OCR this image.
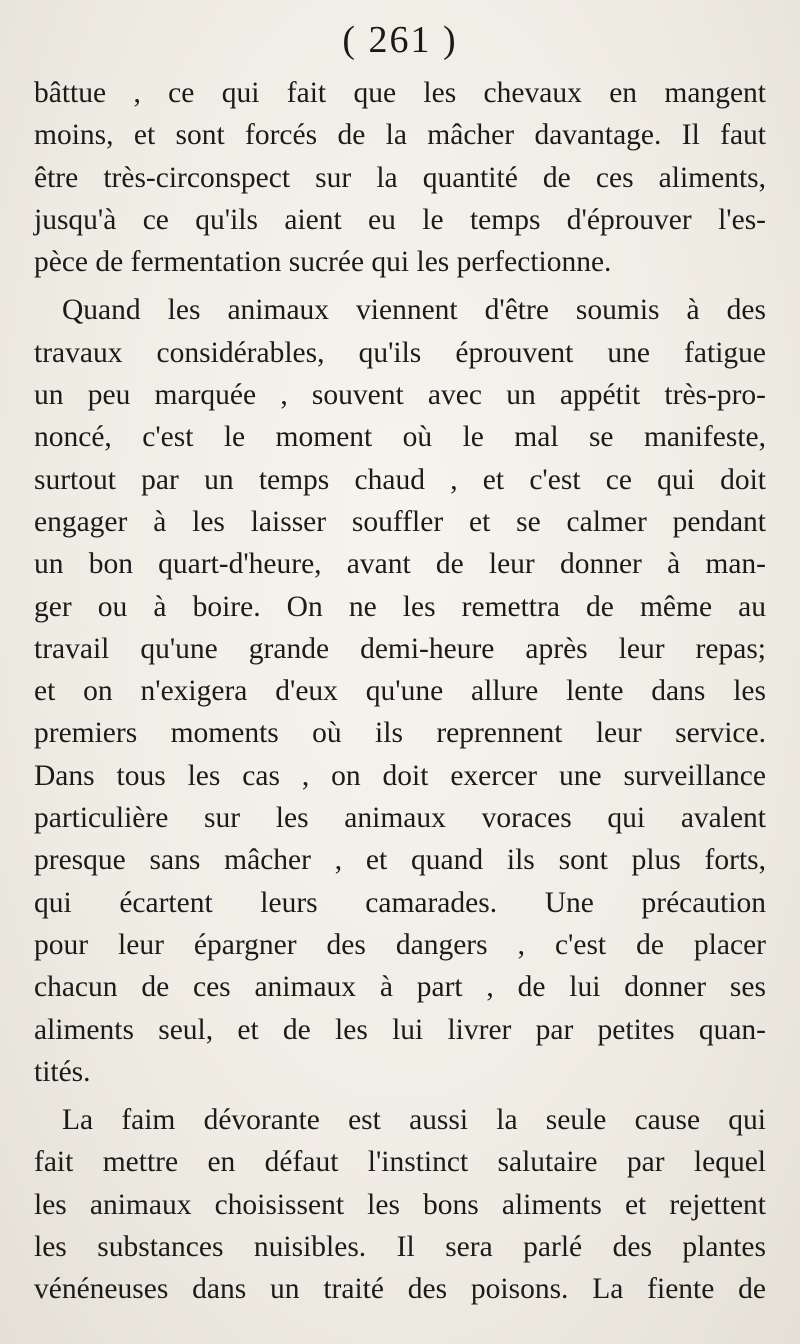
( 261 )
bâttue , ce qui fait que les chevaux en mangent
moins, et sont forcés de la mâcher davantage. Il faut
être très-circonspect sur la quantité de ces aliments,
jusqu'à ce qu'ils aient eu le temps d'éprouver l'es-
pèce de fermentation sucrée qui les perfectionne.
Quand les animaux viennent d'être soumis à des
travaux considérables, qu'ils éprouvent une fatigue
un peu marquée , souvent avec un appétit très-pro-
noncé, c'est le moment où le mal se manifeste,
surtout par un temps chaud , et c'est ce qui doit
engager à les laisser souffler et se calmer pendant
un bon quart-d'heure, avant de leur donner à man-
ger ou à boire. On ne les remettra de même au
travail qu'une grande demi-heure après leur repas;
et on n'exigera d'eux qu'une allure lente dans les
premiers moments où ils reprennent leur service.
Dans tous les cas , on doit exercer une surveillance
particulière sur les animaux voraces qui avalent
presque sans mâcher , et quand ils sont plus forts,
qui écartent leurs camarades. Une précaution
pour leur épargner des dangers , c'est de placer
chacun de ces animaux à part , de lui donner ses
aliments seul, et de les lui livrer par petites quan-
tités.
La faim dévorante est aussi la seule cause qui
fait mettre en défaut l'instinct salutaire par lequel
les animaux choisissent les bons aliments et rejettent
les substances nuisibles. Il sera parlé des plantes
vénéneuses dans un traité des poisons. La fiente de
